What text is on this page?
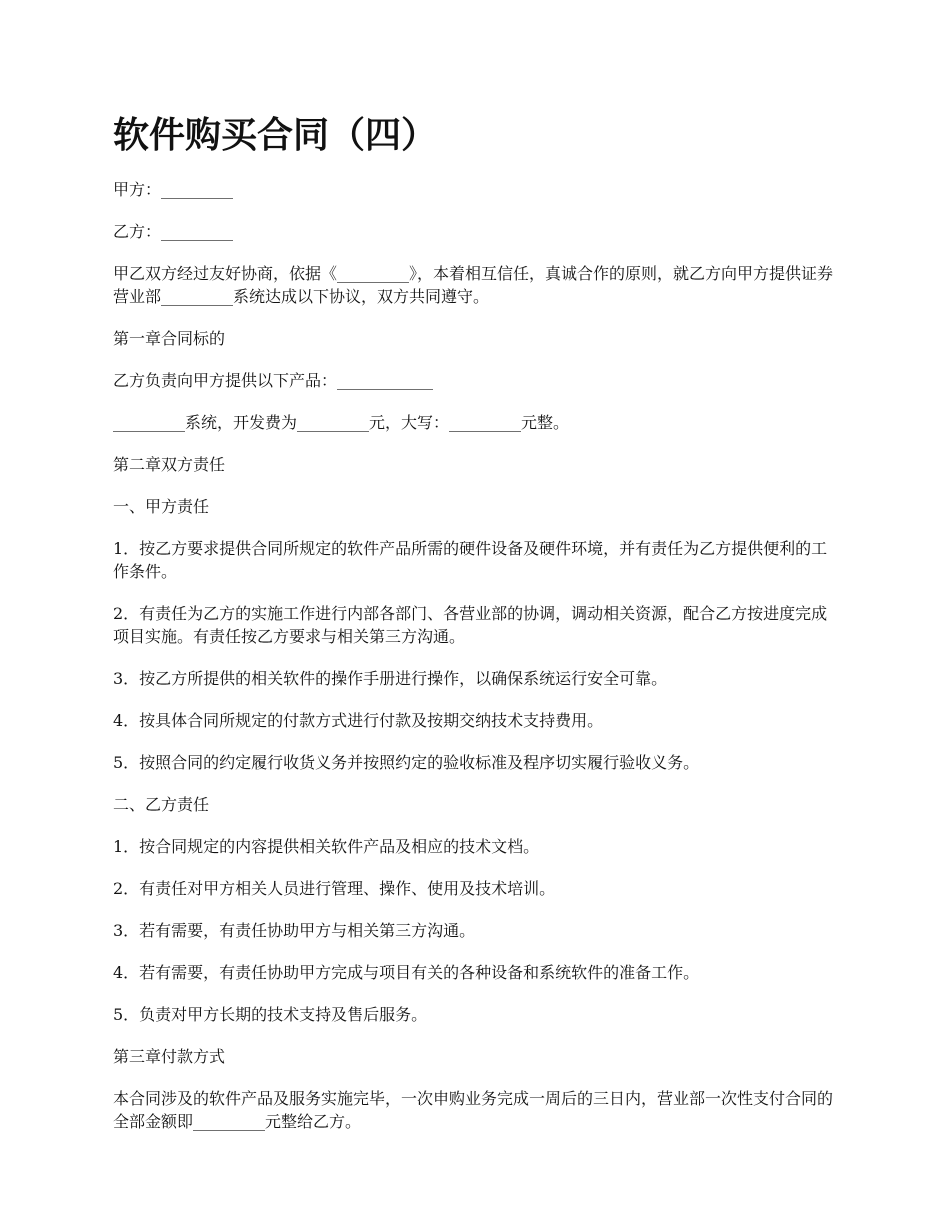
软件购买合同（四）

甲方：_________

乙方：_________

甲乙双方经过友好协商，依据《_________》，本着相互信任，真诚合作的原则，就乙方向甲方提供证券营业部_________系统达成以下协议，双方共同遵守。

第一章合同标的

乙方负责向甲方提供以下产品：____________

_________系统，开发费为_________元，大写：_________元整。

第二章双方责任

一、甲方责任

1．按乙方要求提供合同所规定的软件产品所需的硬件设备及硬件环境，并有责任为乙方提供便利的工作条件。

2．有责任为乙方的实施工作进行内部各部门、各营业部的协调，调动相关资源，配合乙方按进度完成项目实施。有责任按乙方要求与相关第三方沟通。

3．按乙方所提供的相关软件的操作手册进行操作，以确保系统运行安全可靠。

4．按具体合同所规定的付款方式进行付款及按期交纳技术支持费用。

5．按照合同的约定履行收货义务并按照约定的验收标准及程序切实履行验收义务。

二、乙方责任

1．按合同规定的内容提供相关软件产品及相应的技术文档。

2．有责任对甲方相关人员进行管理、操作、使用及技术培训。

3．若有需要，有责任协助甲方与相关第三方沟通。

4．若有需要，有责任协助甲方完成与项目有关的各种设备和系统软件的准备工作。

5．负责对甲方长期的技术支持及售后服务。

第三章付款方式

本合同涉及的软件产品及服务实施完毕，一次申购业务完成一周后的三日内，营业部一次性支付合同的全部金额即_________元整给乙方。
